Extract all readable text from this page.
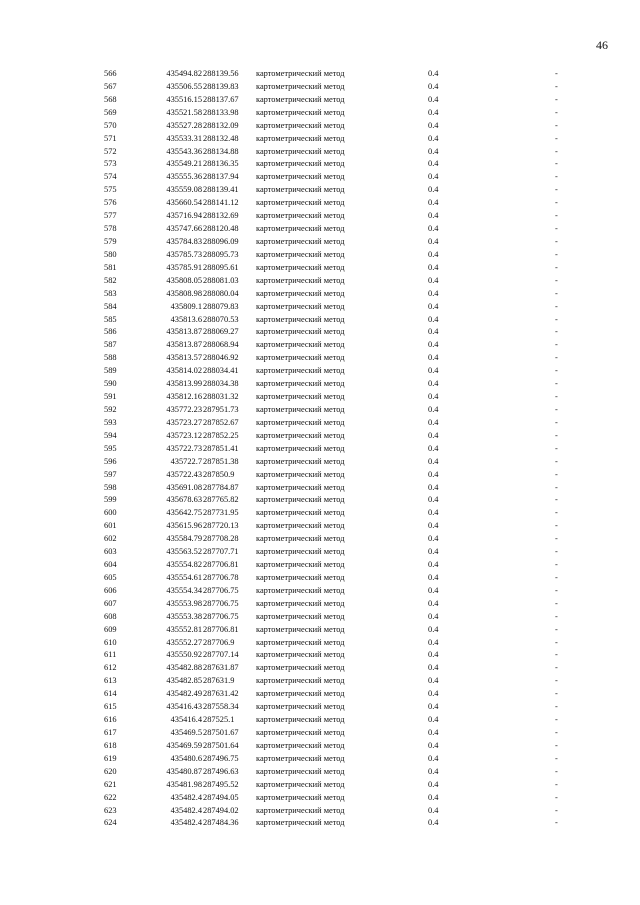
46
566	435494.82 288139.56	картометрический метод	0.4	-
567	435506.55 288139.83	картометрический метод	0.4	-
568	435516.15 288137.67	картометрический метод	0.4	-
569	435521.58 288133.98	картометрический метод	0.4	-
570	435527.28 288132.09	картометрический метод	0.4	-
571	435533.31 288132.48	картометрический метод	0.4	-
572	435543.36 288134.88	картометрический метод	0.4	-
573	435549.21 288136.35	картометрический метод	0.4	-
574	435555.36 288137.94	картометрический метод	0.4	-
575	435559.08 288139.41	картометрический метод	0.4	-
576	435660.54 288141.12	картометрический метод	0.4	-
577	435716.94 288132.69	картометрический метод	0.4	-
578	435747.66 288120.48	картометрический метод	0.4	-
579	435784.83 288096.09	картометрический метод	0.4	-
580	435785.73 288095.73	картометрический метод	0.4	-
581	435785.91 288095.61	картометрический метод	0.4	-
582	435808.05 288081.03	картометрический метод	0.4	-
583	435808.98 288080.04	картометрический метод	0.4	-
584	435809.1 288079.83	картометрический метод	0.4	-
585	435813.6 288070.53	картометрический метод	0.4	-
586	435813.87 288069.27	картометрический метод	0.4	-
587	435813.87 288068.94	картометрический метод	0.4	-
588	435813.57 288046.92	картометрический метод	0.4	-
589	435814.02 288034.41	картометрический метод	0.4	-
590	435813.99 288034.38	картометрический метод	0.4	-
591	435812.16 288031.32	картометрический метод	0.4	-
592	435772.23 287951.73	картометрический метод	0.4	-
593	435723.27 287852.67	картометрический метод	0.4	-
594	435723.12 287852.25	картометрический метод	0.4	-
595	435722.73 287851.41	картометрический метод	0.4	-
596	435722.7 287851.38	картометрический метод	0.4	-
597	435722.43 287850.9	картометрический метод	0.4	-
598	435691.08 287784.87	картометрический метод	0.4	-
599	435678.63 287765.82	картометрический метод	0.4	-
600	435642.75 287731.95	картометрический метод	0.4	-
601	435615.96 287720.13	картометрический метод	0.4	-
602	435584.79 287708.28	картометрический метод	0.4	-
603	435563.52 287707.71	картометрический метод	0.4	-
604	435554.82 287706.81	картометрический метод	0.4	-
605	435554.61 287706.78	картометрический метод	0.4	-
606	435554.34 287706.75	картометрический метод	0.4	-
607	435553.98 287706.75	картометрический метод	0.4	-
608	435553.38 287706.75	картометрический метод	0.4	-
609	435552.81 287706.81	картометрический метод	0.4	-
610	435552.27 287706.9	картометрический метод	0.4	-
611	435550.92 287707.14	картометрический метод	0.4	-
612	435482.88 287631.87	картометрический метод	0.4	-
613	435482.85 287631.9	картометрический метод	0.4	-
614	435482.49 287631.42	картометрический метод	0.4	-
615	435416.43 287558.34	картометрический метод	0.4	-
616	435416.4 287525.1	картометрический метод	0.4	-
617	435469.5 287501.67	картометрический метод	0.4	-
618	435469.59 287501.64	картометрический метод	0.4	-
619	435480.6 287496.75	картометрический метод	0.4	-
620	435480.87 287496.63	картометрический метод	0.4	-
621	435481.98 287495.52	картометрический метод	0.4	-
622	435482.4 287494.05	картометрический метод	0.4	-
623	435482.4 287494.02	картометрический метод	0.4	-
624	435482.4 287484.36	картометрический метод	0.4	-
